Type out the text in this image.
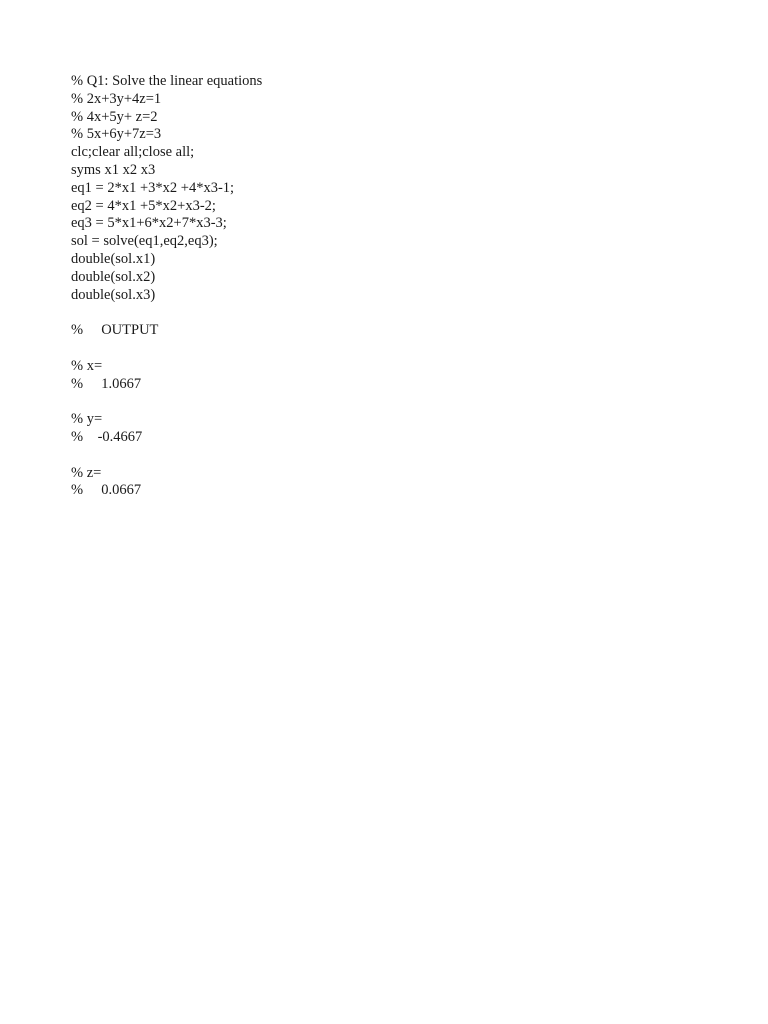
% Q1: Solve the linear equations
% 2x+3y+4z=1
% 4x+5y+ z=2
% 5x+6y+7z=3
clc;clear all;close all;
syms x1 x2 x3
eq1 = 2*x1 +3*x2 +4*x3-1;
eq2 = 4*x1 +5*x2+x3-2;
eq3 = 5*x1+6*x2+7*x3-3;
sol = solve(eq1,eq2,eq3);
double(sol.x1)
double(sol.x2)
double(sol.x3)
%     OUTPUT
% x=
%     1.0667
% y=
%    -0.4667
% z=
%     0.0667
